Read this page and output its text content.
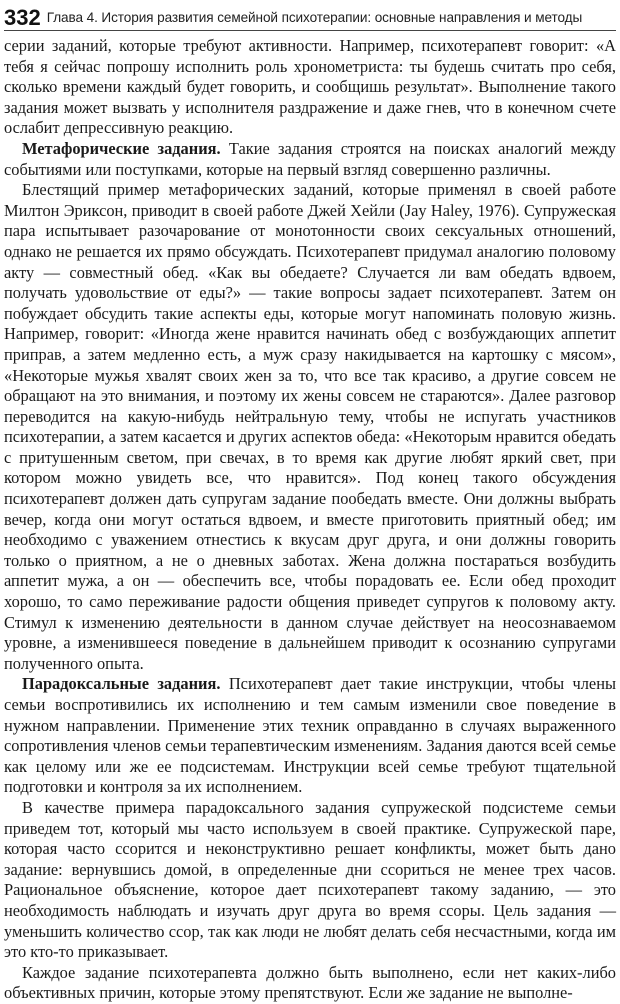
332 Глава 4. История развития семейной психотерапии: основные направления и методы

серии заданий, которые требуют активности. Например, психотерапевт говорит: «А тебя я сейчас попрошу исполнить роль хронометриста: ты будешь считать про себя, сколько времени каждый будет говорить, и сообщишь результат». Выполнение такого задания может вызвать у исполнителя раздражение и даже гнев, что в конечном счете ослабит депрессивную реакцию.

Метафорические задания. Такие задания строятся на поисках аналогий между событиями или поступками, которые на первый взгляд совершенно различны.

Блестящий пример метафорических заданий, которые применял в своей работе Милтон Эриксон, приводит в своей работе Джей Хейли (Jay Haley, 1976). Супружеская пара испытывает разочарование от монотонности своих сексуальных отношений, однако не решается их прямо обсуждать. Психотерапевт придумал аналогию половому акту — совместный обед. «Как вы обедаете? Случается ли вам обедать вдвоем, получать удовольствие от еды?» — такие вопросы задает психотерапевт. Затем он побуждает обсудить такие аспекты еды, которые могут напоминать половую жизнь. Например, говорит: «Иногда жене нравится начинать обед с возбуждающих аппетит приправ, а затем медленно есть, а муж сразу накидывается на картошку с мясом», «Некоторые мужья хвалят своих жен за то, что все так красиво, а другие совсем не обращают на это внимания, и поэтому их жены совсем не стараются». Далее разговор переводится на какую-нибудь нейтральную тему, чтобы не испугать участников психотерапии, а затем касается и других аспектов обеда: «Некоторым нравится обедать с притушенным светом, при свечах, в то время как другие любят яркий свет, при котором можно увидеть все, что нравится». Под конец такого обсуждения психотерапевт должен дать супругам задание пообедать вместе. Они должны выбрать вечер, когда они могут остаться вдвоем, и вместе приготовить приятный обед; им необходимо с уважением отнестись к вкусам друг друга, и они должны говорить только о приятном, а не о дневных заботах. Жена должна постараться возбудить аппетит мужа, а он — обеспечить все, чтобы порадовать ее. Если обед проходит хорошо, то само переживание радости общения приведет супругов к половому акту. Стимул к изменению деятельности в данном случае действует на неосознаваемом уровне, а изменившееся поведение в дальнейшем приводит к осознанию супругами полученного опыта.

Парадоксальные задания. Психотерапевт дает такие инструкции, чтобы члены семьи воспротивились их исполнению и тем самым изменили свое поведение в нужном направлении. Применение этих техник оправданно в случаях выраженного сопротивления членов семьи терапевтическим изменениям. Задания даются всей семье как целому или же ее подсистемам. Инструкции всей семье требуют тщательной подготовки и контроля за их исполнением.

В качестве примера парадоксального задания супружеской подсистеме семьи приведем тот, который мы часто используем в своей практике. Супружеской паре, которая часто ссорится и неконструктивно решает конфликты, может быть дано задание: вернувшись домой, в определенные дни ссориться не менее трех часов. Рациональное объяснение, которое дает психотерапевт такому заданию, — это необходимость наблюдать и изучать друг друга во время ссоры. Цель задания — уменьшить количество ссор, так как люди не любят делать себя несчастными, когда им это кто-то приказывает.

Каждое задание психотерапевта должно быть выполнено, если нет каких-либо объективных причин, которые этому препятствуют. Если же задание не выполне-
